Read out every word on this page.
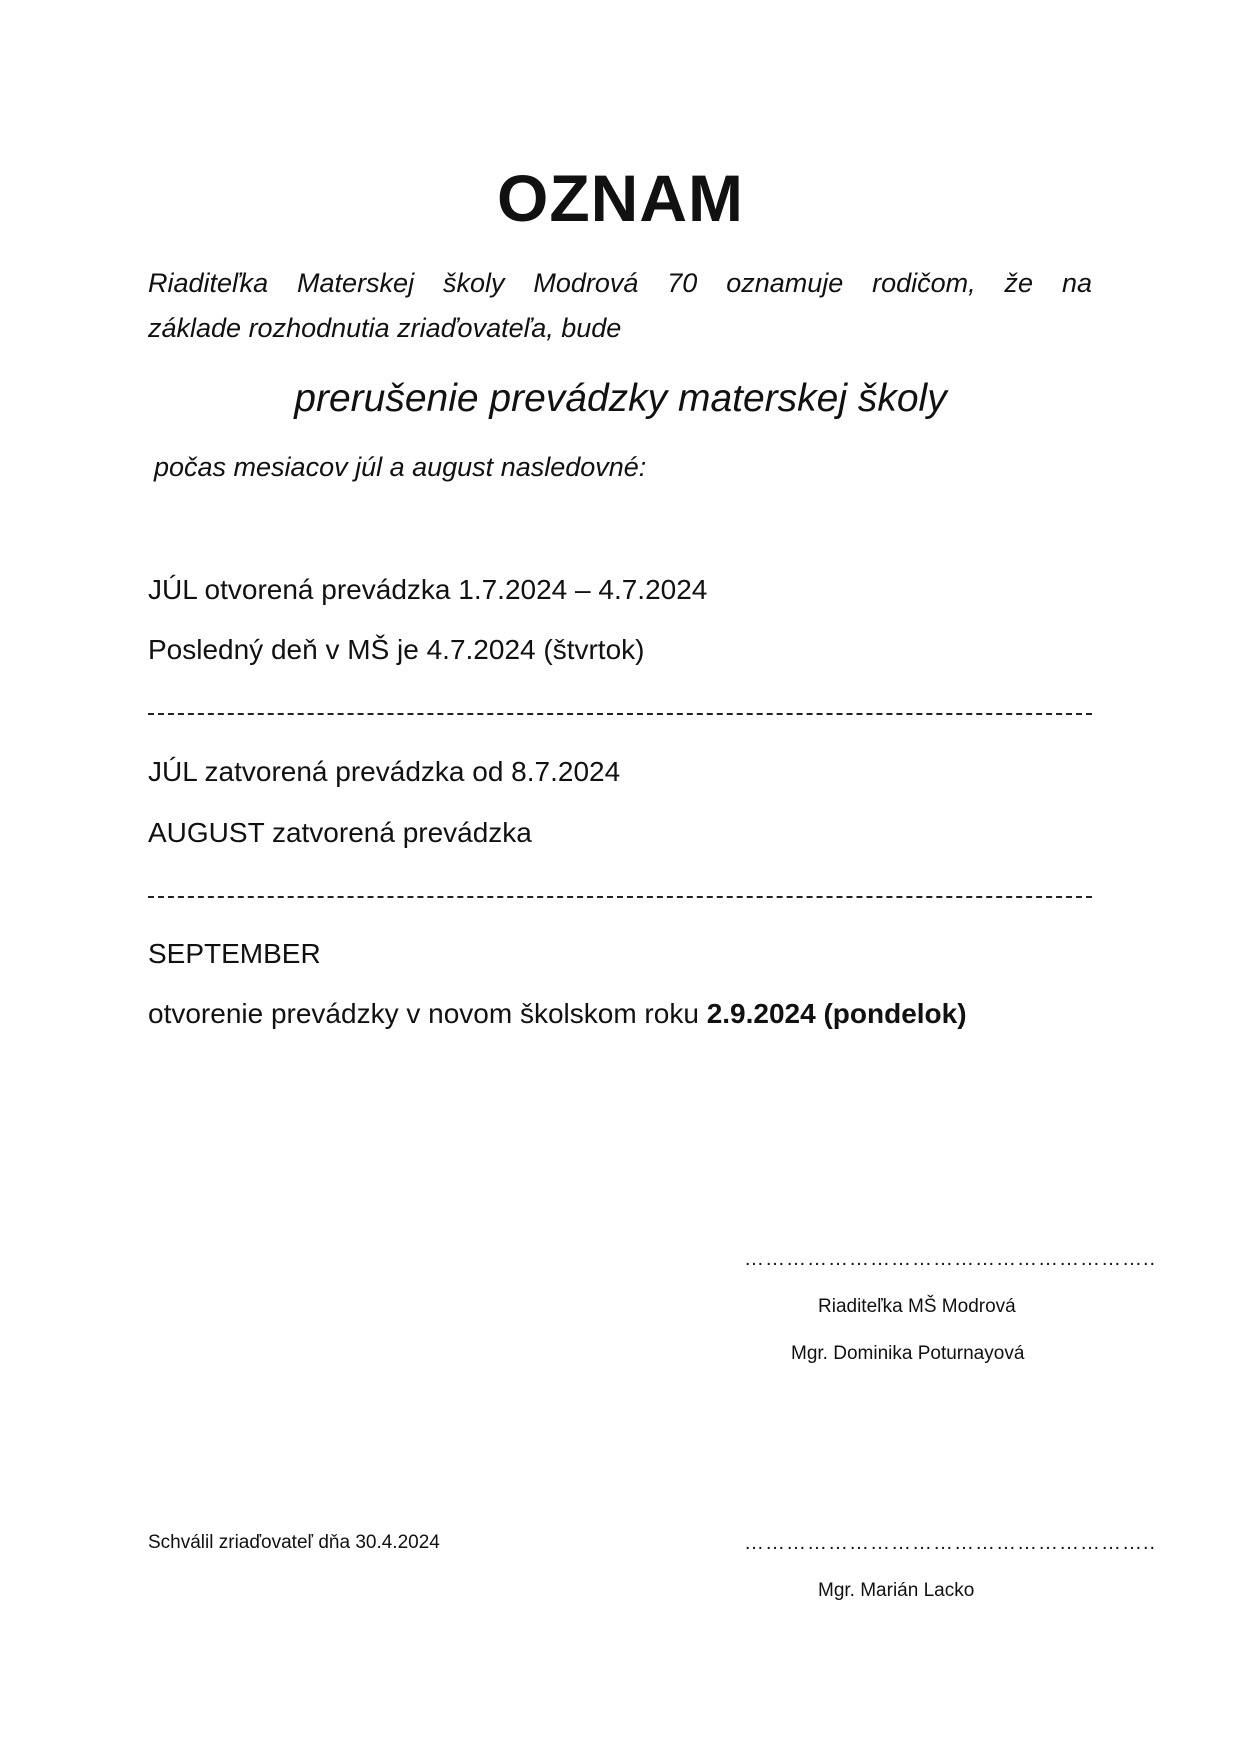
OZNAM
Riaditeľka Materskej školy Modrová 70 oznamuje rodičom, že na
základe rozhodnutia zriaďovateľa, bude
prerušenie prevádzky materskej školy
počas mesiacov júl a august nasledovné:
JÚL otvorená prevádzka 1.7.2024 – 4.7.2024
Posledný deň v MŠ je 4.7.2024 (štvrtok)
JÚL zatvorená prevádzka od 8.7.2024
AUGUST zatvorená prevádzka
SEPTEMBER
otvorenie prevádzky v novom školskom roku 2.9.2024 (pondelok)
…………………………………………………..
Riaditeľka MŠ Modrová
Mgr. Dominika Poturnayová
Schválil zriaďovateľ dňa 30.4.2024	…………………………………………………..
Mgr. Marián Lacko
